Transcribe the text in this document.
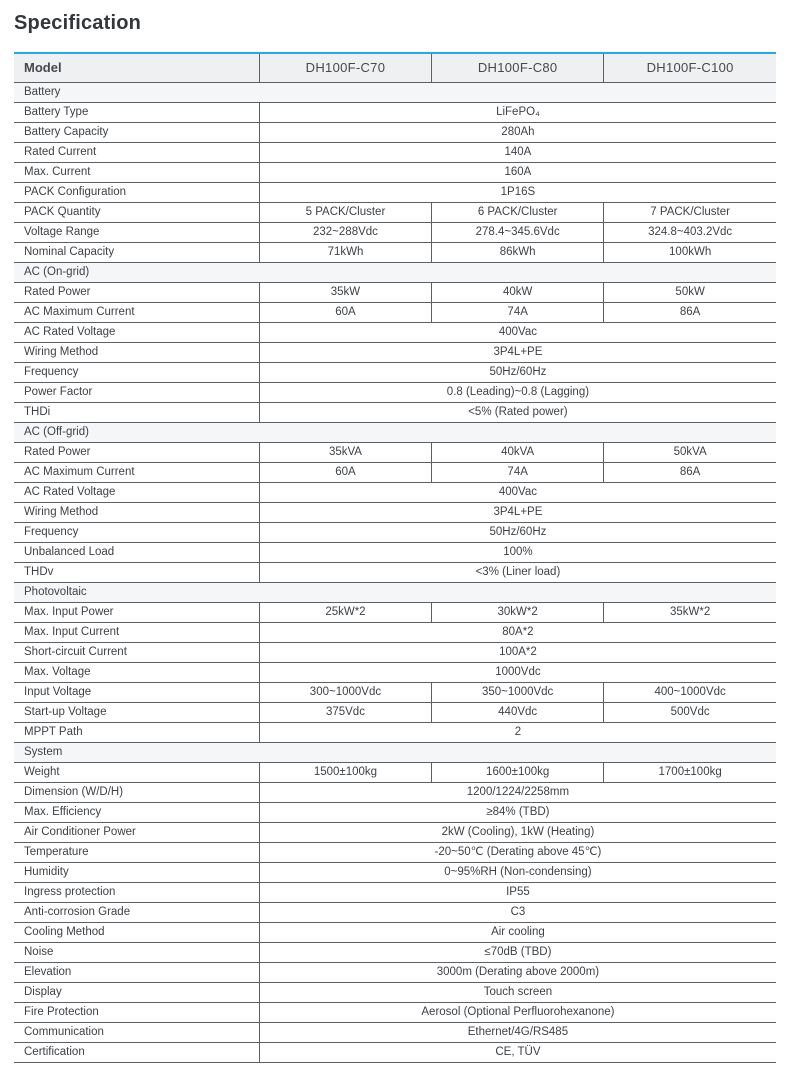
Specification
Model	DH100F-C70	DH100F-C80	DH100F-C100
Battery			
Battery Type	LiFePO₄		
Battery Capacity	280Ah		
Rated Current	140A		
Max. Current	160A		
PACK Configuration	1P16S		
PACK Quantity	5 PACK/Cluster	6 PACK/Cluster	7 PACK/Cluster
Voltage Range	232~288Vdc	278.4~345.6Vdc	324.8~403.2Vdc
Nominal Capacity	71kWh	86kWh	100kWh
AC (On-grid)			
Rated Power	35kW	40kW	50kW
AC Maximum Current	60A	74A	86A
AC Rated Voltage	400Vac		
Wiring Method	3P4L+PE		
Frequency	50Hz/60Hz		
Power Factor	0.8 (Leading)~0.8 (Lagging)		
THDi	<5% (Rated power)		
AC (Off-grid)			
Rated Power	35kVA	40kVA	50kVA
AC Maximum Current	60A	74A	86A
AC Rated Voltage	400Vac		
Wiring Method	3P4L+PE		
Frequency	50Hz/60Hz		
Unbalanced Load	100%		
THDv	<3% (Liner load)		
Photovoltaic			
Max. Input Power	25kW*2	30kW*2	35kW*2
Max. Input Current	80A*2		
Short-circuit Current	100A*2		
Max. Voltage	1000Vdc		
Input Voltage	300~1000Vdc	350~1000Vdc	400~1000Vdc
Start-up Voltage	375Vdc	440Vdc	500Vdc
MPPT Path	2		
System			
Weight	1500±100kg	1600±100kg	1700±100kg
Dimension (W/D/H)	1200/1224/2258mm		
Max. Efficiency	≥84% (TBD)		
Air Conditioner Power	2kW (Cooling), 1kW (Heating)		
Temperature	-20~50℃ (Derating above 45℃)		
Humidity	0~95%RH (Non-condensing)		
Ingress protection	IP55		
Anti-corrosion Grade	C3		
Cooling Method	Air cooling		
Noise	≤70dB (TBD)		
Elevation	3000m (Derating above 2000m)		
Display	Touch screen		
Fire Protection	Aerosol (Optional Perfluorohexanone)		
Communication	Ethernet/4G/RS485		
Certification	CE, TÜV		
